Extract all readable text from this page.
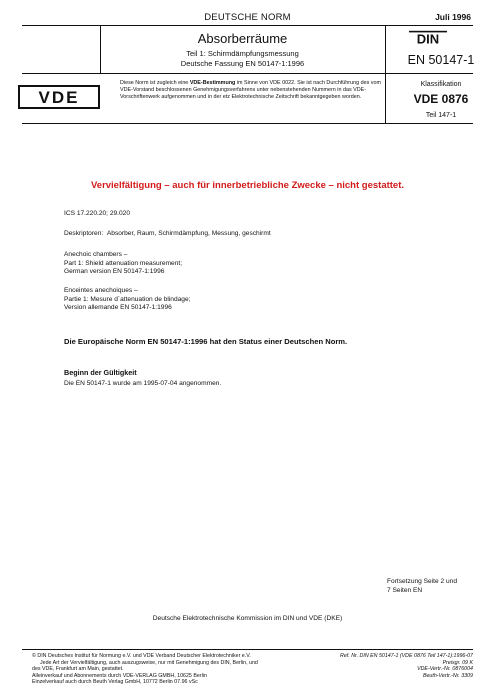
DEUTSCHE NORM	Juli 1996
Absorberräume
Teil 1: Schirmdämpfungsmessung
Deutsche Fassung EN 50147-1:1996
DIN
EN 50147-1
VDE
Diese Norm ist zugleich eine VDE-Bestimmung im Sinne von VDE 0022. Sie ist nach Durchführung des vom VDE-Vorstand beschlossenen Genehmigungsverfahrens unter nebenstehenden Nummern in das VDE-Vorschriftenwerk aufgenommen und in der etz Elektrotechnische Zeitschrift bekanntgegeben worden.
Klassifikation
VDE 0876
Teil 147-1
Vervielfältigung – auch für innerbetriebliche Zwecke – nicht gestattet.
ICS 17.220.20; 29.020
Deskriptoren: Absorber, Raum, Schirmdämpfung, Messung, geschirmt
Anechoic chambers –
Part 1: Shield attenuation measurement;
German version EN 50147-1:1996
Enceintes anechoiques –
Partie 1: Mesure d´attenuation de blindage;
Version allemande EN 50147-1:1996
Die Europäische Norm EN 50147-1:1996 hat den Status einer Deutschen Norm.
Beginn der Gültigkeit
Die EN 50147-1 wurde am 1995-07-04 angenommen.
Fortsetzung Seite 2 und
7 Seiten EN
Deutsche Elektrotechnische Kommission im DIN und VDE (DKE)
© DIN Deutsches Institut für Normung e.V. und VDE Verband Deutscher Elektrotechniker e.V.
Jede Art der Vervielfältigung, auch auszugsweise, nur mit Genehmigung des DIN, Berlin, und
des VDE, Frankfurt am Main, gestattet.
Alleinverkauf und Abonnements durch VDE-VERLAG GMBH, 10625 Berlin
Einzelverkauf auch durch Beuth Verlag GmbH, 10772 Berlin 07.96 vSc
Ref. Nr. DIN EN 50147-1 (VDE 0876 Teil 147-1):1996-07
Preisgr. 09 K
VDE-Vertr.-Nr. 0876004
Beuth-Vertr.-Nr. 3309
